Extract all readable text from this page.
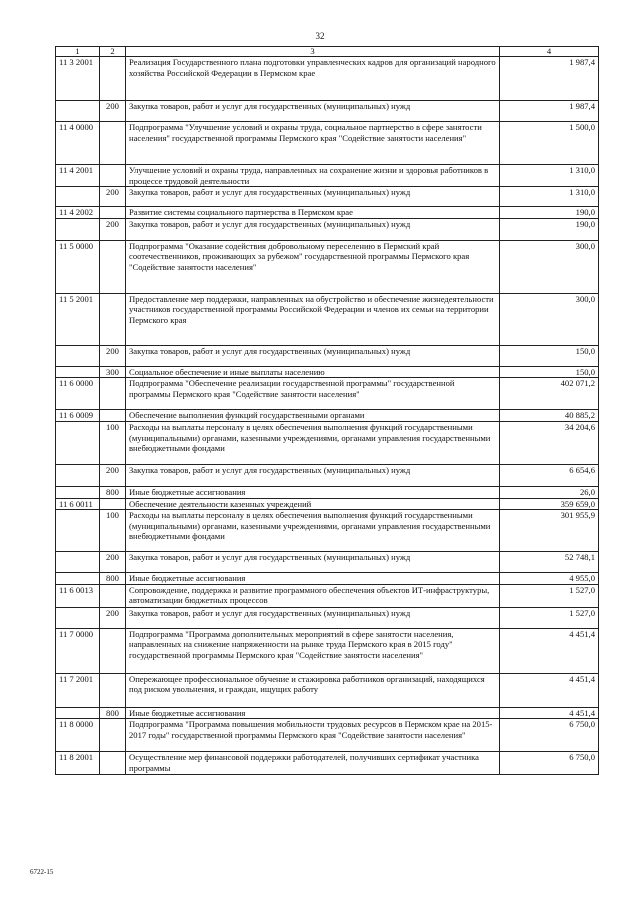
32
1	2	3	4
11 3 2001		Реализация Государственного плана подготовки управленческих кадров для организаций народного хозяйства Российской Федерации в Пермском крае	1 987,4
	200	Закупка товаров, работ и услуг для государственных (муниципальных) нужд	1 987,4
11 4 0000		Подпрограмма "Улучшение условий и охраны труда, социальное партнерство в сфере занятости населения" государственной программы Пермского края "Содействие занятости населения"	1 500,0
11 4 2001		Улучшение условий и охраны труда, направленных на сохранение жизни и здоровья работников в процессе трудовой деятельности	1 310,0
	200	Закупка товаров, работ и услуг для государственных (муниципальных) нужд	1 310,0
11 4 2002		Развитие системы социального партнерства в Пермском крае	190,0
	200	Закупка товаров, работ и услуг для государственных (муниципальных) нужд	190,0
11 5 0000		Подпрограмма "Оказание содействия добровольному переселению в Пермский край соотечественников, проживающих за рубежом" государственной программы Пермского края "Содействие занятости населения"	300,0
11 5 2001		Предоставление мер поддержки, направленных на обустройство и обеспечение жизнедеятельности участников государственной программы Российской Федерации и членов их семьи на территории Пермского края	300,0
	200	Закупка товаров, работ и услуг для государственных (муниципальных) нужд	150,0
	300	Социальное обеспечение и иные выплаты населению	150,0
11 6 0000		Подпрограмма "Обеспечение реализации государственной программы" государственной программы Пермского края "Содействие занятости населения"	402 071,2
11 6 0009		Обеспечение выполнения функций государственными органами	40 885,2
	100	Расходы на выплаты персоналу в целях обеспечения выполнения функций государственными (муниципальными) органами, казенными учреждениями, органами управления государственными внебюджетными фондами	34 204,6
	200	Закупка товаров, работ и услуг для государственных (муниципальных) нужд	6 654,6
	800	Иные бюджетные ассигнования	26,0
11 6 0011		Обеспечение деятельности казенных учреждений	359 659,0
	100	Расходы на выплаты персоналу в целях обеспечения выполнения функций государственными (муниципальными) органами, казенными учреждениями, органами управления государственными внебюджетными фондами	301 955,9
	200	Закупка товаров, работ и услуг для государственных (муниципальных) нужд	52 748,1
	800	Иные бюджетные ассигнования	4 955,0
11 6 0013		Сопровождение, поддержка и развитие программного обеспечения объектов ИТ-инфраструктуры, автоматизации бюджетных процессов	1 527,0
	200	Закупка товаров, работ и услуг для государственных (муниципальных) нужд	1 527,0
11 7 0000		Подпрограмма "Программа дополнительных мероприятий в сфере занятости населения, направленных на снижение напряженности на рынке труда Пермского края в 2015 году" государственной программы Пермского края "Содействие занятости населения"	4 451,4
11 7 2001		Опережающее профессиональное обучение и стажировка работников организаций, находящихся под риском увольнения, и граждан, ищущих работу	4 451,4
	800	Иные бюджетные ассигнования	4 451,4
11 8 0000		Подпрограмма "Программа повышения мобильности трудовых ресурсов в Пермском крае на 2015-2017 годы" государственной программы Пермского края "Содействие занятости населения"	6 750,0
11 8 2001		Осуществление мер финансовой поддержки работодателей, получивших сертификат участника программы	6 750,0
6722-15
